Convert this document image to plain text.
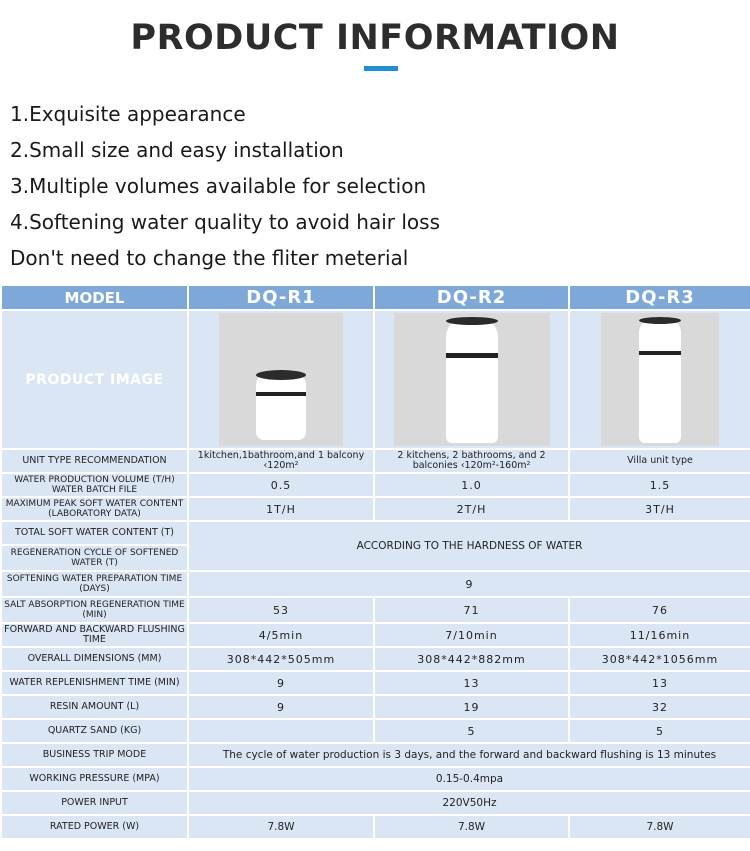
PRODUCT INFORMATION
1.Exquisite appearance
2.Small size and easy installation
3.Multiple volumes available for selection
4.Softening water quality to avoid hair loss
Don't need to change the fliter meterial
MODEL	DQ-R1	DQ-R2	DQ-R3
PRODUCT IMAGE	

UNIT TYPE RECOMMENDATION	1kitchen,1bathroom,and 1 balcony ‹120m²	2 kitchens, 2 bathrooms, and 2 balconies ‹120m²-160m²	Villa unit type
WATER PRODUCTION VOLUME (T/H) WATER BATCH FILE	0.5	1.0	1.5
MAXIMUM PEAK SOFT WATER CONTENT (LABORATORY DATA)	1T/H	2T/H	3T/H
TOTAL SOFT WATER CONTENT (T)	ACCORDING TO THE HARDNESS OF WATER		
REGENERATION CYCLE OF SOFTENED WATER (T)			
SOFTENING WATER PREPARATION TIME (DAYS)	9		
SALT ABSORPTION REGENERATION TIME (MIN)	53	71	76
FORWARD AND BACKWARD FLUSHING TIME	4/5min	7/10min	11/16min
OVERALL DIMENSIONS (MM)	308*442*505mm	308*442*882mm	308*442*1056mm
WATER REPLENISHMENT TIME (MIN)	9	13	13
RESIN AMOUNT (L)	9	19	32
QUARTZ SAND (KG)		5	5
BUSINESS TRIP MODE	The cycle of water production is 3 days, and the forward and backward flushing is 13 minutes		
WORKING PRESSURE (MPA)	0.15-0.4mpa		
POWER INPUT	220V50Hz		
RATED POWER (W)	7.8W	7.8W	7.8W
